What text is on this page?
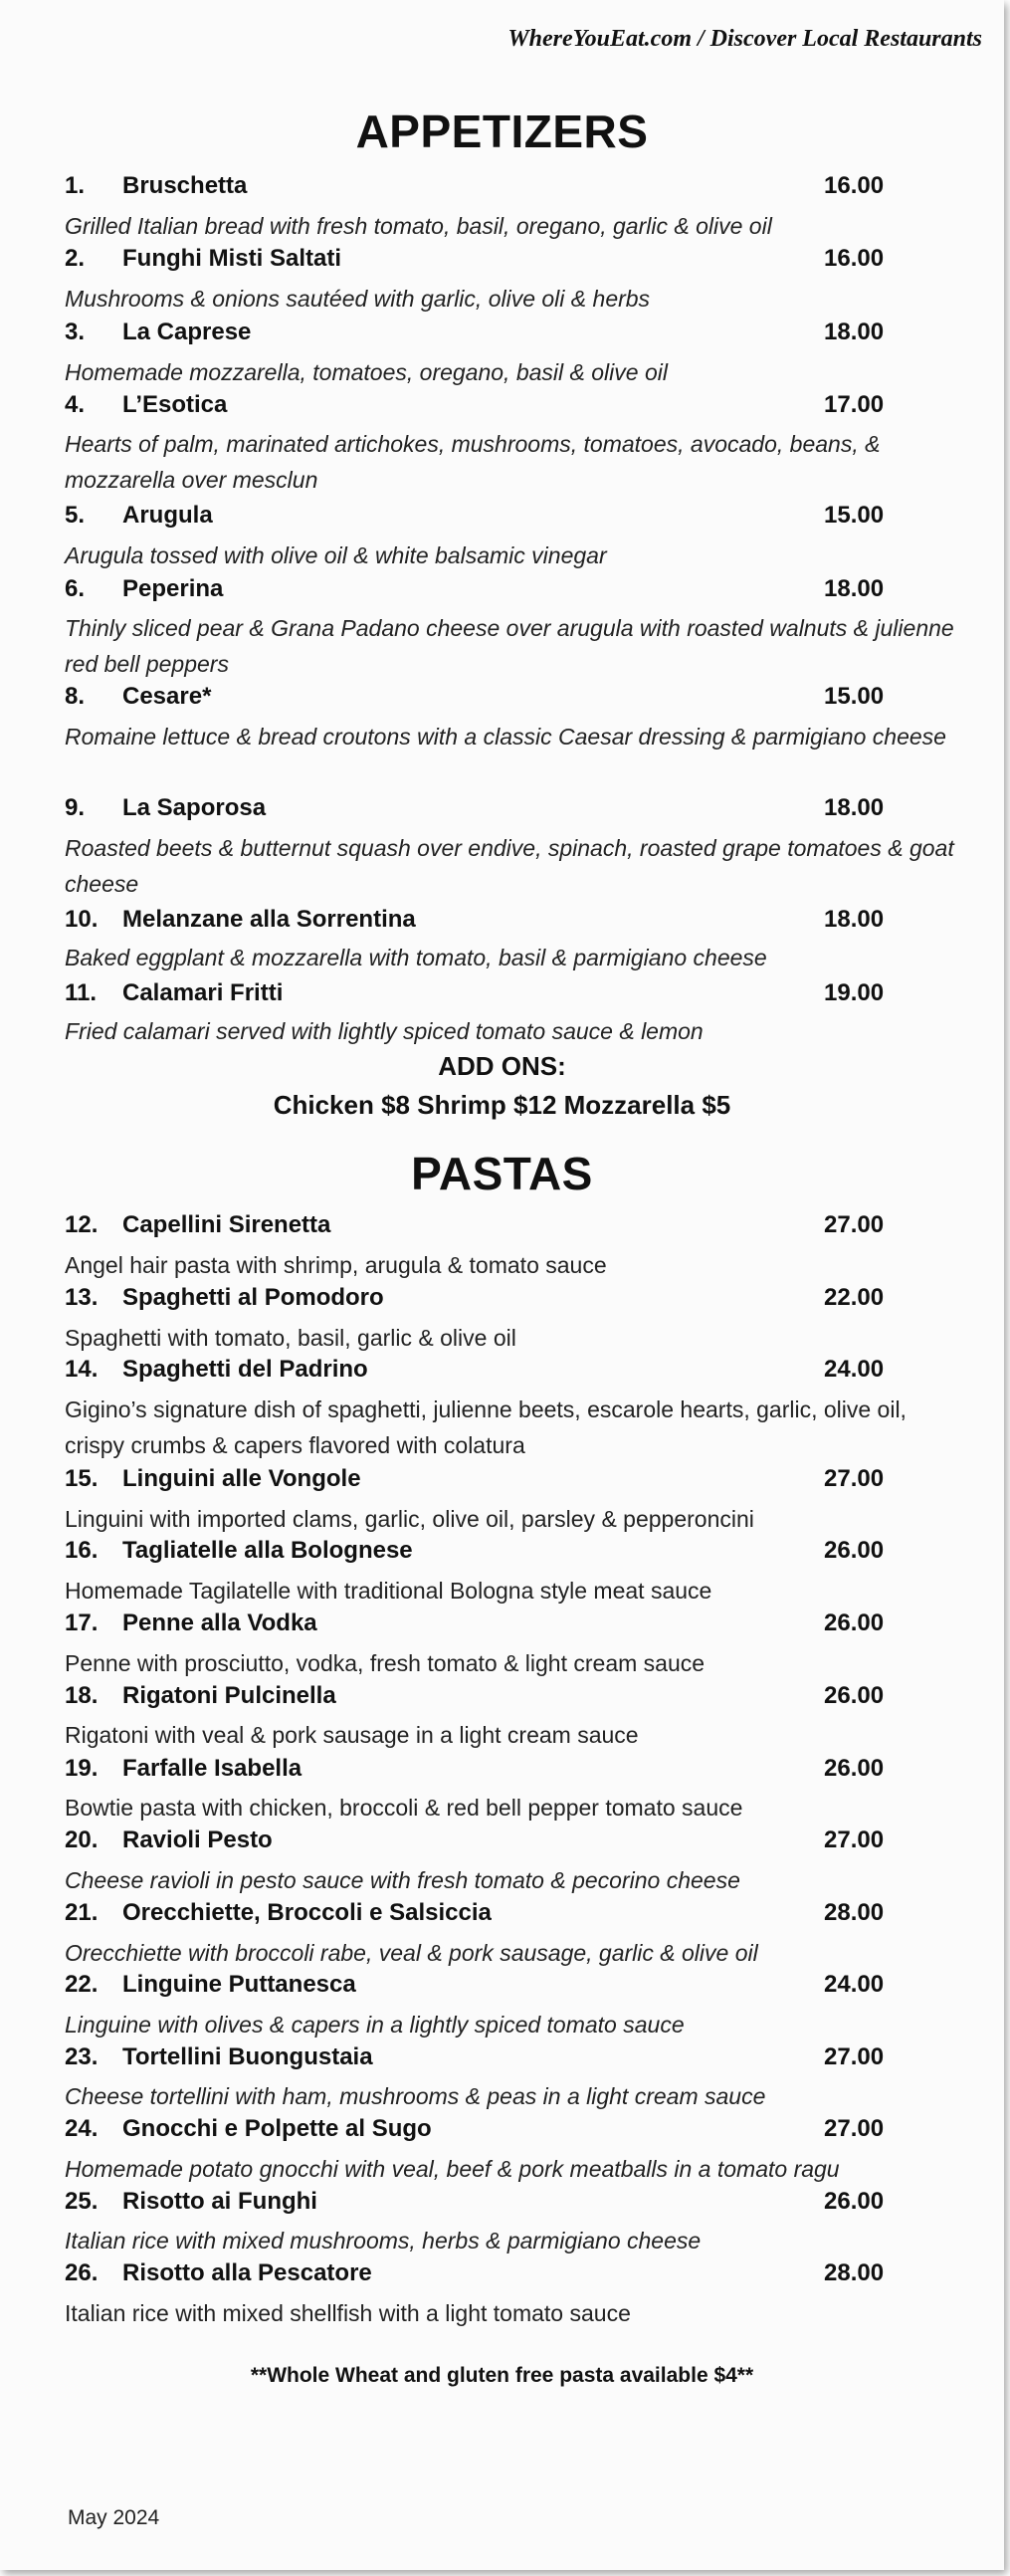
WhereYouEat.com / Discover Local Restaurants
APPETIZERS
1. Bruschetta	16.00
Grilled Italian bread with fresh tomato, basil, oregano, garlic & olive oil
2. Funghi Misti Saltati	16.00
Mushrooms & onions sautéed with garlic, olive oli & herbs
3. La Caprese	18.00
Homemade mozzarella, tomatoes, oregano, basil & olive oil
4. L’Esotica	17.00
Hearts of palm, marinated artichokes, mushrooms, tomatoes, avocado, beans, & mozzarella over mesclun
5. Arugula	15.00
Arugula tossed with olive oil & white balsamic vinegar
6. Peperina	18.00
Thinly sliced pear & Grana Padano cheese over arugula with roasted walnuts & julienne red bell peppers
8. Cesare*	15.00
Romaine lettuce & bread croutons with a classic Caesar dressing & parmigiano cheese
9. La Saporosa	18.00
Roasted beets & butternut squash over endive, spinach, roasted grape tomatoes & goat cheese
10. Melanzane alla Sorrentina	18.00
Baked eggplant & mozzarella with tomato, basil & parmigiano cheese
11. Calamari Fritti	19.00
Fried calamari served with lightly spiced tomato sauce & lemon
ADD ONS:
Chicken $8 Shrimp $12 Mozzarella $5
PASTAS
12. Capellini Sirenetta	27.00
Angel hair pasta with shrimp, arugula & tomato sauce
13. Spaghetti al Pomodoro	22.00
Spaghetti with tomato, basil, garlic & olive oil
14. Spaghetti del Padrino	24.00
Gigino’s signature dish of spaghetti, julienne beets, escarole hearts, garlic, olive oil, crispy crumbs & capers flavored with colatura
15. Linguini alle Vongole	27.00
Linguini with imported clams, garlic, olive oil, parsley & pepperoncini
16. Tagliatelle alla Bolognese	26.00
Homemade Tagilatelle with traditional Bologna style meat sauce
17. Penne alla Vodka	26.00
Penne with prosciutto, vodka, fresh tomato & light cream sauce
18. Rigatoni Pulcinella	26.00
Rigatoni with veal & pork sausage in a light cream sauce
19. Farfalle Isabella	26.00
Bowtie pasta with chicken, broccoli & red bell pepper tomato sauce
20. Ravioli Pesto	27.00
Cheese ravioli in pesto sauce with fresh tomato & pecorino cheese
21. Orecchiette, Broccoli e Salsiccia	28.00
Orecchiette with broccoli rabe, veal & pork sausage, garlic & olive oil
22. Linguine Puttanesca	24.00
Linguine with olives & capers in a lightly spiced tomato sauce
23. Tortellini Buongustaia	27.00
Cheese tortellini with ham, mushrooms & peas in a light cream sauce
24. Gnocchi e Polpette al Sugo	27.00
Homemade potato gnocchi with veal, beef & pork meatballs in a tomato ragu
25. Risotto ai Funghi	26.00
Italian rice with mixed mushrooms, herbs & parmigiano cheese
26. Risotto alla Pescatore	28.00
Italian rice with mixed shellfish with a light tomato sauce
**Whole Wheat and gluten free pasta available $4**
May 2024
